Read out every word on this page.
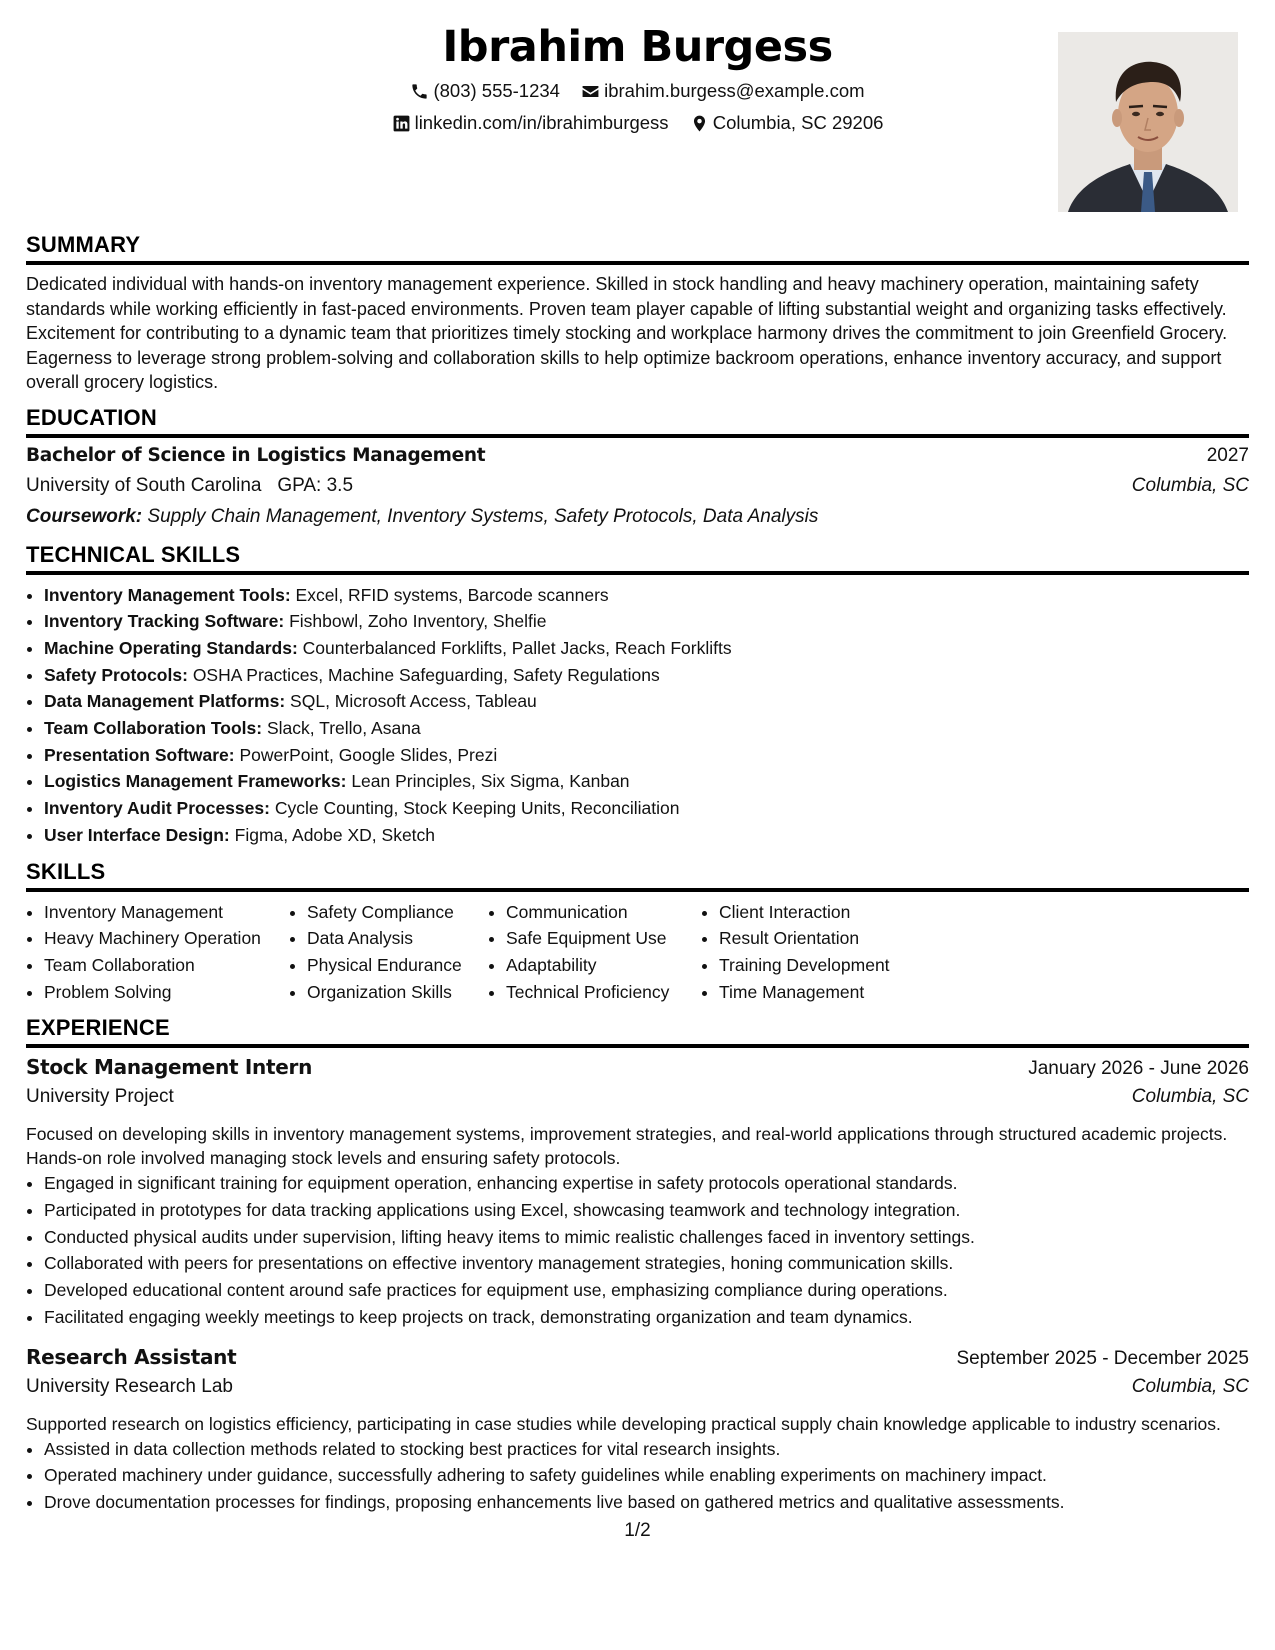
Ibrahim Burgess
(803) 555-1234
ibrahim.burgess@example.com
linkedin.com/in/ibrahimburgess
Columbia, SC 29206
SUMMARY

Dedicated individual with hands-on inventory management experience. Skilled in stock handling and heavy machinery operation, maintaining safety standards while working efficiently in fast-paced environments. Proven team player capable of lifting substantial weight and organizing tasks effectively. Excitement for contributing to a dynamic team that prioritizes timely stocking and workplace harmony drives the commitment to join Greenfield Grocery. Eagerness to leverage strong problem-solving and collaboration skills to help optimize backroom operations, enhance inventory accuracy, and support overall grocery logistics.

EDUCATION
Bachelor of Science in Logistics Management	2027
University of South Carolina GPA: 3.5	Columbia, SC
Coursework: Supply Chain Management, Inventory Systems, Safety Protocols, Data Analysis
TECHNICAL SKILLS
• Inventory Management Tools: Excel, RFID systems, Barcode scanners
• Inventory Tracking Software: Fishbowl, Zoho Inventory, Shelfie
• Machine Operating Standards: Counterbalanced Forklifts, Pallet Jacks, Reach Forklifts
• Safety Protocols: OSHA Practices, Machine Safeguarding, Safety Regulations
• Data Management Platforms: SQL, Microsoft Access, Tableau
• Team Collaboration Tools: Slack, Trello, Asana
• Presentation Software: PowerPoint, Google Slides, Prezi
• Logistics Management Frameworks: Lean Principles, Six Sigma, Kanban
• Inventory Audit Processes: Cycle Counting, Stock Keeping Units, Reconciliation
• User Interface Design: Figma, Adobe XD, Sketch
SKILLS
• Inventory Management
• Heavy Machinery Operation
• Team Collaboration
• Problem Solving
• Safety Compliance
• Data Analysis
• Physical Endurance
• Organization Skills
• Communication
• Safe Equipment Use
• Adaptability
• Technical Proficiency
• Client Interaction
• Result Orientation
• Training Development
• Time Management
EXPERIENCE
Stock Management Intern	January 2026 - June 2026
University Project	Columbia, SC

Focused on developing skills in inventory management systems, improvement strategies, and real-world applications through structured academic projects. Hands-on role involved managing stock levels and ensuring safety protocols.

• Engaged in significant training for equipment operation, enhancing expertise in safety protocols operational standards.
• Participated in prototypes for data tracking applications using Excel, showcasing teamwork and technology integration.
• Conducted physical audits under supervision, lifting heavy items to mimic realistic challenges faced in inventory settings.
• Collaborated with peers for presentations on effective inventory management strategies, honing communication skills.
• Developed educational content around safe practices for equipment use, emphasizing compliance during operations.
• Facilitated engaging weekly meetings to keep projects on track, demonstrating organization and team dynamics.
Research Assistant	September 2025 - December 2025
University Research Lab	Columbia, SC

Supported research on logistics efficiency, participating in case studies while developing practical supply chain knowledge applicable to industry scenarios.

• Assisted in data collection methods related to stocking best practices for vital research insights.
• Operated machinery under guidance, successfully adhering to safety guidelines while enabling experiments on machinery impact.
• Drove documentation processes for findings, proposing enhancements live based on gathered metrics and qualitative assessments.
1/2
